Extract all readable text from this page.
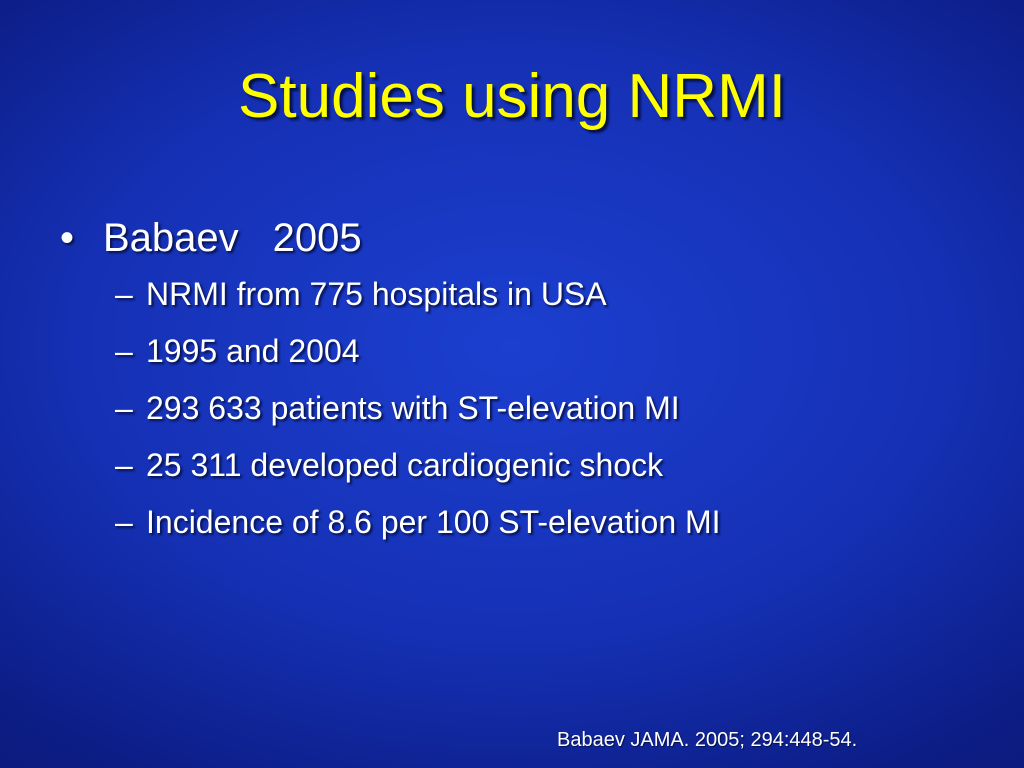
Studies using NRMI
• Babaev 2005
– NRMI from 775 hospitals in USA
– 1995 and 2004
– 293 633 patients with ST-elevation MI
– 25 311 developed cardiogenic shock
– Incidence of 8.6 per 100 ST-elevation MI
Babaev JAMA. 2005; 294:448-54.
